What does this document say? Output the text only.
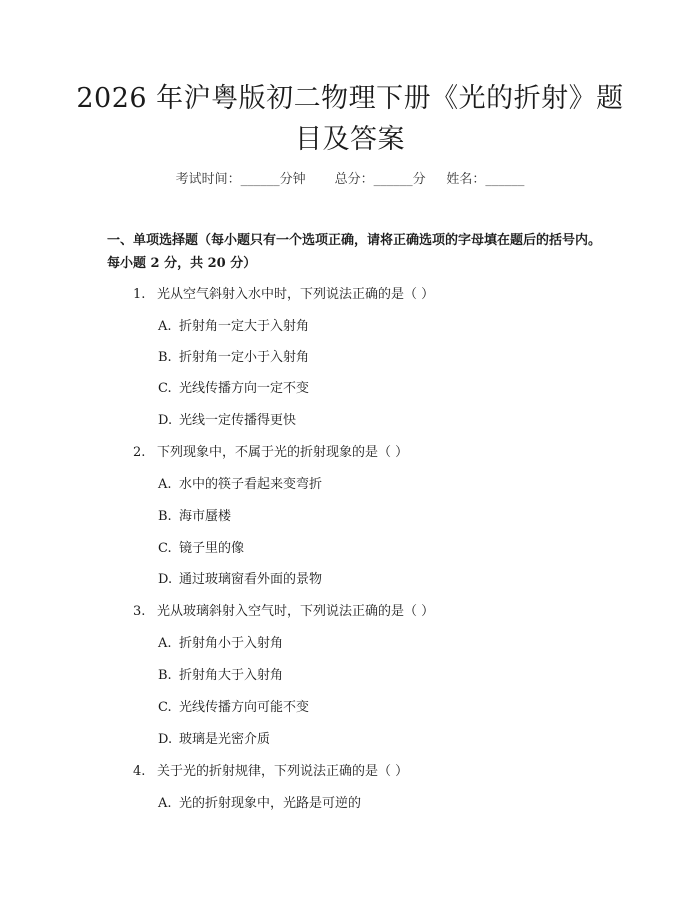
2026 年沪粤版初二物理下册《光的折射》题目及答案
考试时间：______分钟 总分：______分 姓名：______
一、单项选择题（每小题只有一个选项正确，请将正确选项的字母填在题后的括号内。每小题 2 分，共 20 分）
1. 光从空气斜射入水中时，下列说法正确的是（ ）
A. 折射角一定大于入射角
B. 折射角一定小于入射角
C. 光线传播方向一定不变
D. 光线一定传播得更快
2. 下列现象中，不属于光的折射现象的是（ ）
A. 水中的筷子看起来变弯折
B. 海市蜃楼
C. 镜子里的像
D. 通过玻璃窗看外面的景物
3. 光从玻璃斜射入空气时，下列说法正确的是（ ）
A. 折射角小于入射角
B. 折射角大于入射角
C. 光线传播方向可能不变
D. 玻璃是光密介质
4. 关于光的折射规律，下列说法正确的是（ ）
A. 光的折射现象中，光路是可逆的
